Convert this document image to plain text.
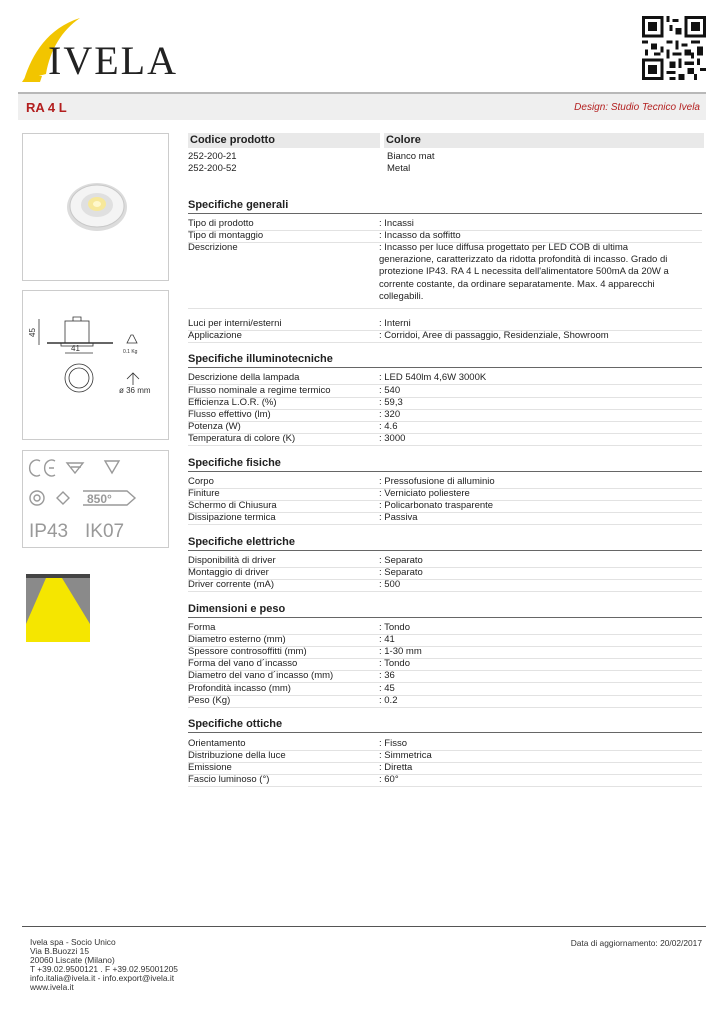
IVELA
RA 4 L	Design: Studio Tecnico Ivela
45
41	0.1 Kg
ø 36 mm
850°
IP43 IK07
Codice prodotto	Colore
252-200-21	Bianco mat
252-200-52	Metal
Specifiche generali
Tipo di prodotto	: Incassi
Tipo di montaggio	: Incasso da soffitto
Descrizione	: Incasso per luce diffusa progettato per LED COB di ultima generazione, caratterizzato da ridotta profondità di incasso. Grado di protezione IP43. RA 4 L necessita dell'alimentatore 500mA da 20W a corrente costante, da ordinare separatamente. Max. 4 apparecchi collegabili.
Luci per interni/esterni	: Interni
Applicazione	: Corridoi, Aree di passaggio, Residenziale, Showroom
Specifiche illuminotecniche
Descrizione della lampada	: LED 540lm 4,6W 3000K
Flusso nominale a regime termico	: 540
Efficienza L.O.R. (%)	: 59,3
Flusso effettivo (lm)	: 320
Potenza (W)	: 4.6
Temperatura di colore (K)	: 3000
Specifiche fisiche
Corpo	: Pressofusione di alluminio
Finiture	: Verniciato poliestere
Schermo di Chiusura	: Policarbonato trasparente
Dissipazione termica	: Passiva
Specifiche elettriche
Disponibilità di driver	: Separato
Montaggio di driver	: Separato
Driver corrente (mA)	: 500
Dimensioni e peso
Forma	: Tondo
Diametro esterno (mm)	: 41
Spessore controsoffitti (mm)	: 1-30 mm
Forma del vano d´incasso	: Tondo
Diametro del vano d´incasso (mm)	: 36
Profondità incasso (mm)	: 45
Peso (Kg)	: 0.2
Specifiche ottiche
Orientamento	: Fisso
Distribuzione della luce	: Simmetrica
Emissione	: Diretta
Fascio luminoso (°)	: 60°
Ivela spa - Socio Unico
Via B.Buozzi 15
20060 Liscate (Milano)
T +39.02.9500121 . F +39.02.95001205
info.italia@ivela.it - info.export@ivela.it
www.ivela.it
Data di aggiornamento: 20/02/2017
